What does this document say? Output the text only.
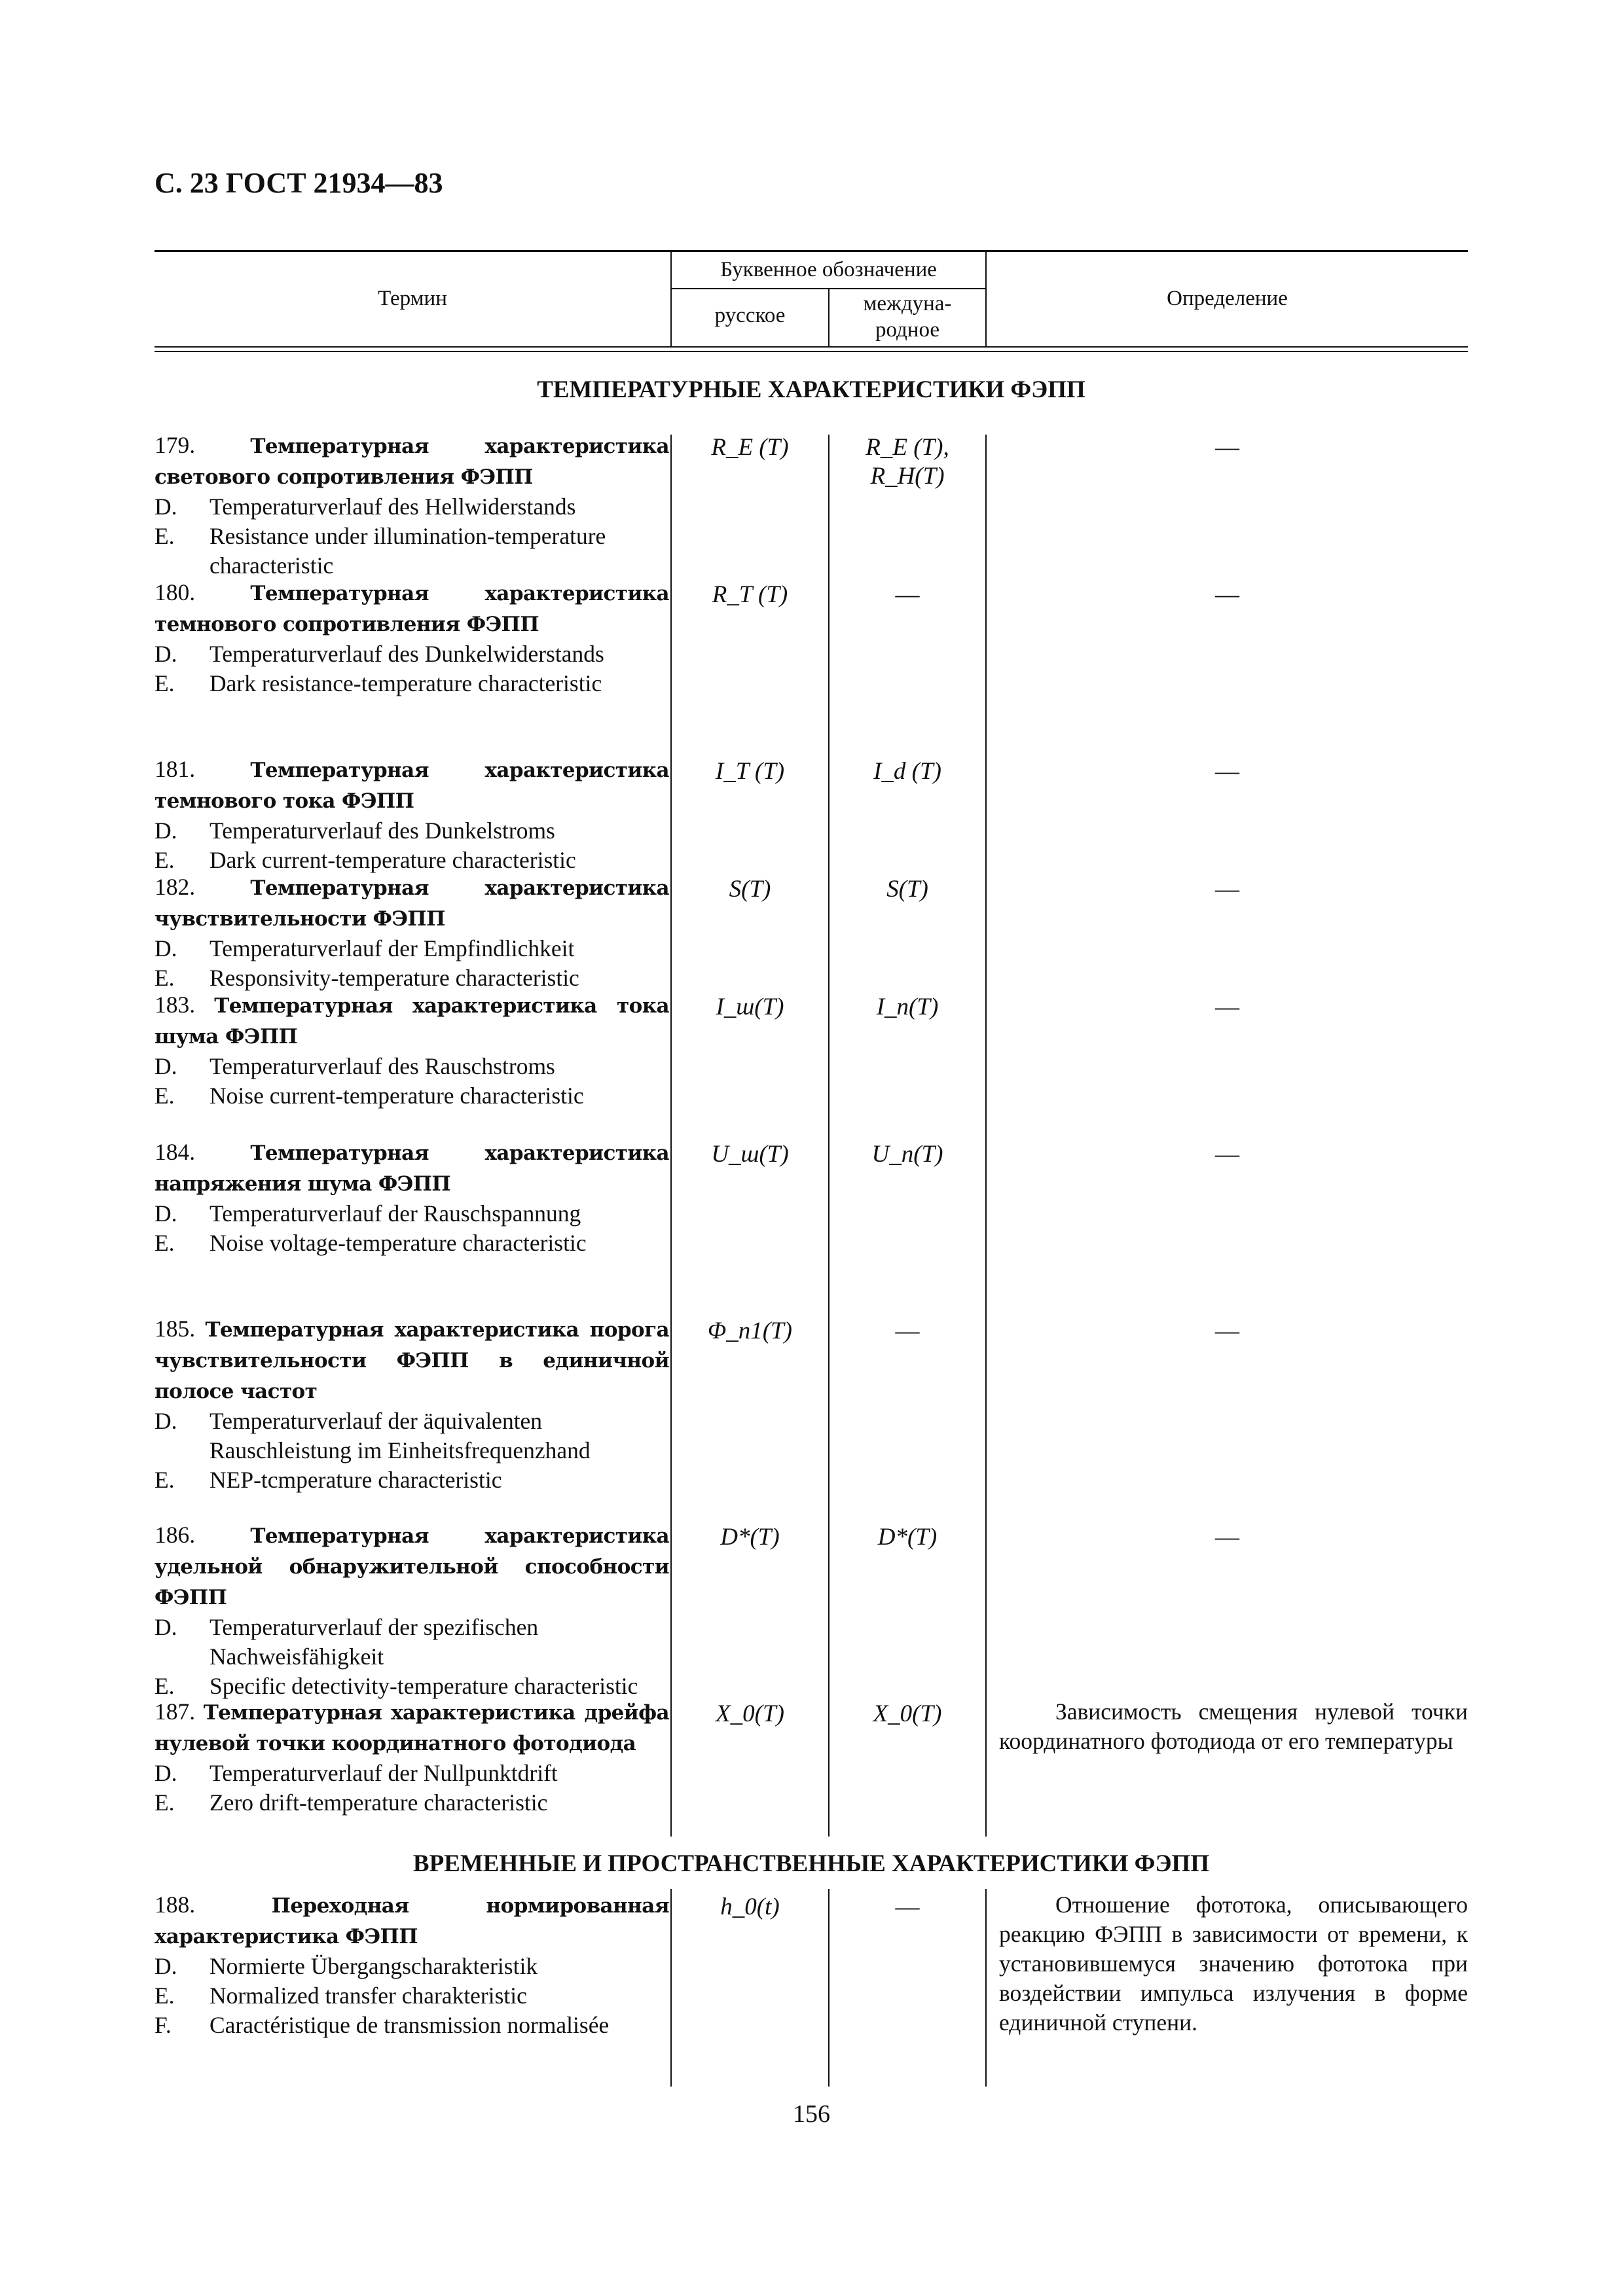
С. 23 ГОСТ 21934—83
Термин
Буквенное обозначение
русское	междуна-
родное
Определение
ТЕМПЕРАТУРНЫЕ ХАРАКТЕРИСТИКИ ФЭПП
ВРЕМЕННЫЕ И ПРОСТРАНСТВЕННЫЕ ХАРАКТЕРИСТИКИ ФЭПП
179.	Температурная характеристика светового сопротивления ФЭПП
D. Temperaturverlauf des Hellwiderstands
E. Resistance under illumination-temperature characteristic
R_E (T)	R_E (T), R_H(T)
—
180.	Температурная характеристика темнового сопротивления ФЭПП
D. Temperaturverlauf des Dunkelwiderstands
E. Dark resistance-temperature characteristic
R_T (T)	—	—
181.	Температурная характеристика темнового тока ФЭПП
D. Temperaturverlauf des Dunkelstroms
E. Dark current-temperature characteristic
I_T (T)	I_d (T)	—
182.	Температурная характеристика чувствительности ФЭПП
D. Temperaturverlauf der Empfindlichkeit
E. Responsivity-temperature characteristic
S(T)	S(T)	—
183. Температурная характеристика тока шума ФЭПП
D. Temperaturverlauf des Rauschstroms
E. Noise current-temperature characteristic
I_ш(T)	I_n(T)	—
184.	Температурная характеристика напряжения шума ФЭПП
D. Temperaturverlauf der Rauschspannung
E. Noise voltage-temperature characteristic
U_ш(T)	U_n(T)	—
185. Температурная характеристика порога чувствительности ФЭПП в единичной полосе частот
D. Temperaturverlauf der äquivalenten Rauschleistung im Einheitsfrequenzhand
E. NEP-tcmperature characteristic
Φ_п1(T)	—	—
186.	Температурная характеристика удельной обнаружительной способности ФЭПП
D. Temperaturverlauf der spezifischen Nachweisfähigkeit
E. Specific detectivity-temperature characteristic
D*(T)	D*(T)	—
187. Температурная характеристика дрейфа нулевой точки координатного фотодиода
D. Temperaturverlauf der Nullpunktdrift
E. Zero drift-temperature characteristic
X_0(T)	X_0(T)	Зависимость смещения нулевой точки координатного фотодиода от его температуры
188.	Переходная нормированная характеристика ФЭПП
D. Normierte Übergangscharakteristik
E. Normalized transfer charakteristic
F. Caractéristique de transmission normalisée
h_0(t)	—	Отношение фототока, описывающего реакцию ФЭПП в зависимости от времени, к установившемуся значению фототока при воздействии импульса излучения в форме единичной ступени.
156
